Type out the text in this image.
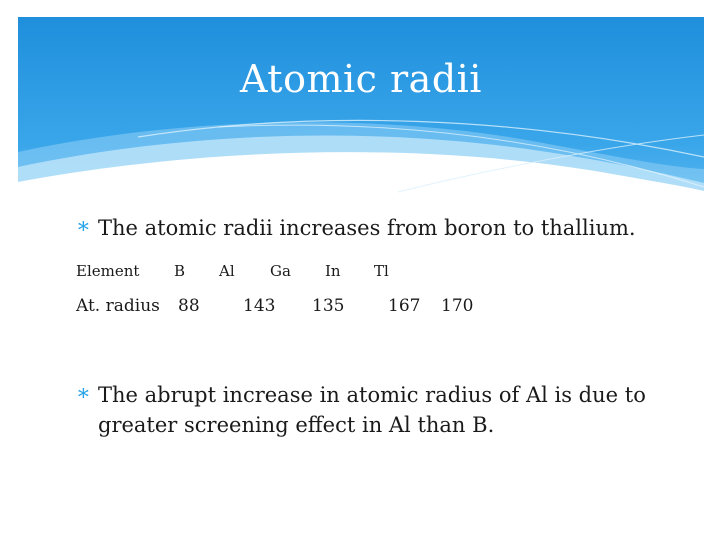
Atomic radii
∗ The atomic radii increases from boron to thallium.
Element B Al Ga In Tl
At. radius 88	143 135	167 170
∗ The abrupt increase in atomic radius of Al is due to
greater screening effect in Al than B.
